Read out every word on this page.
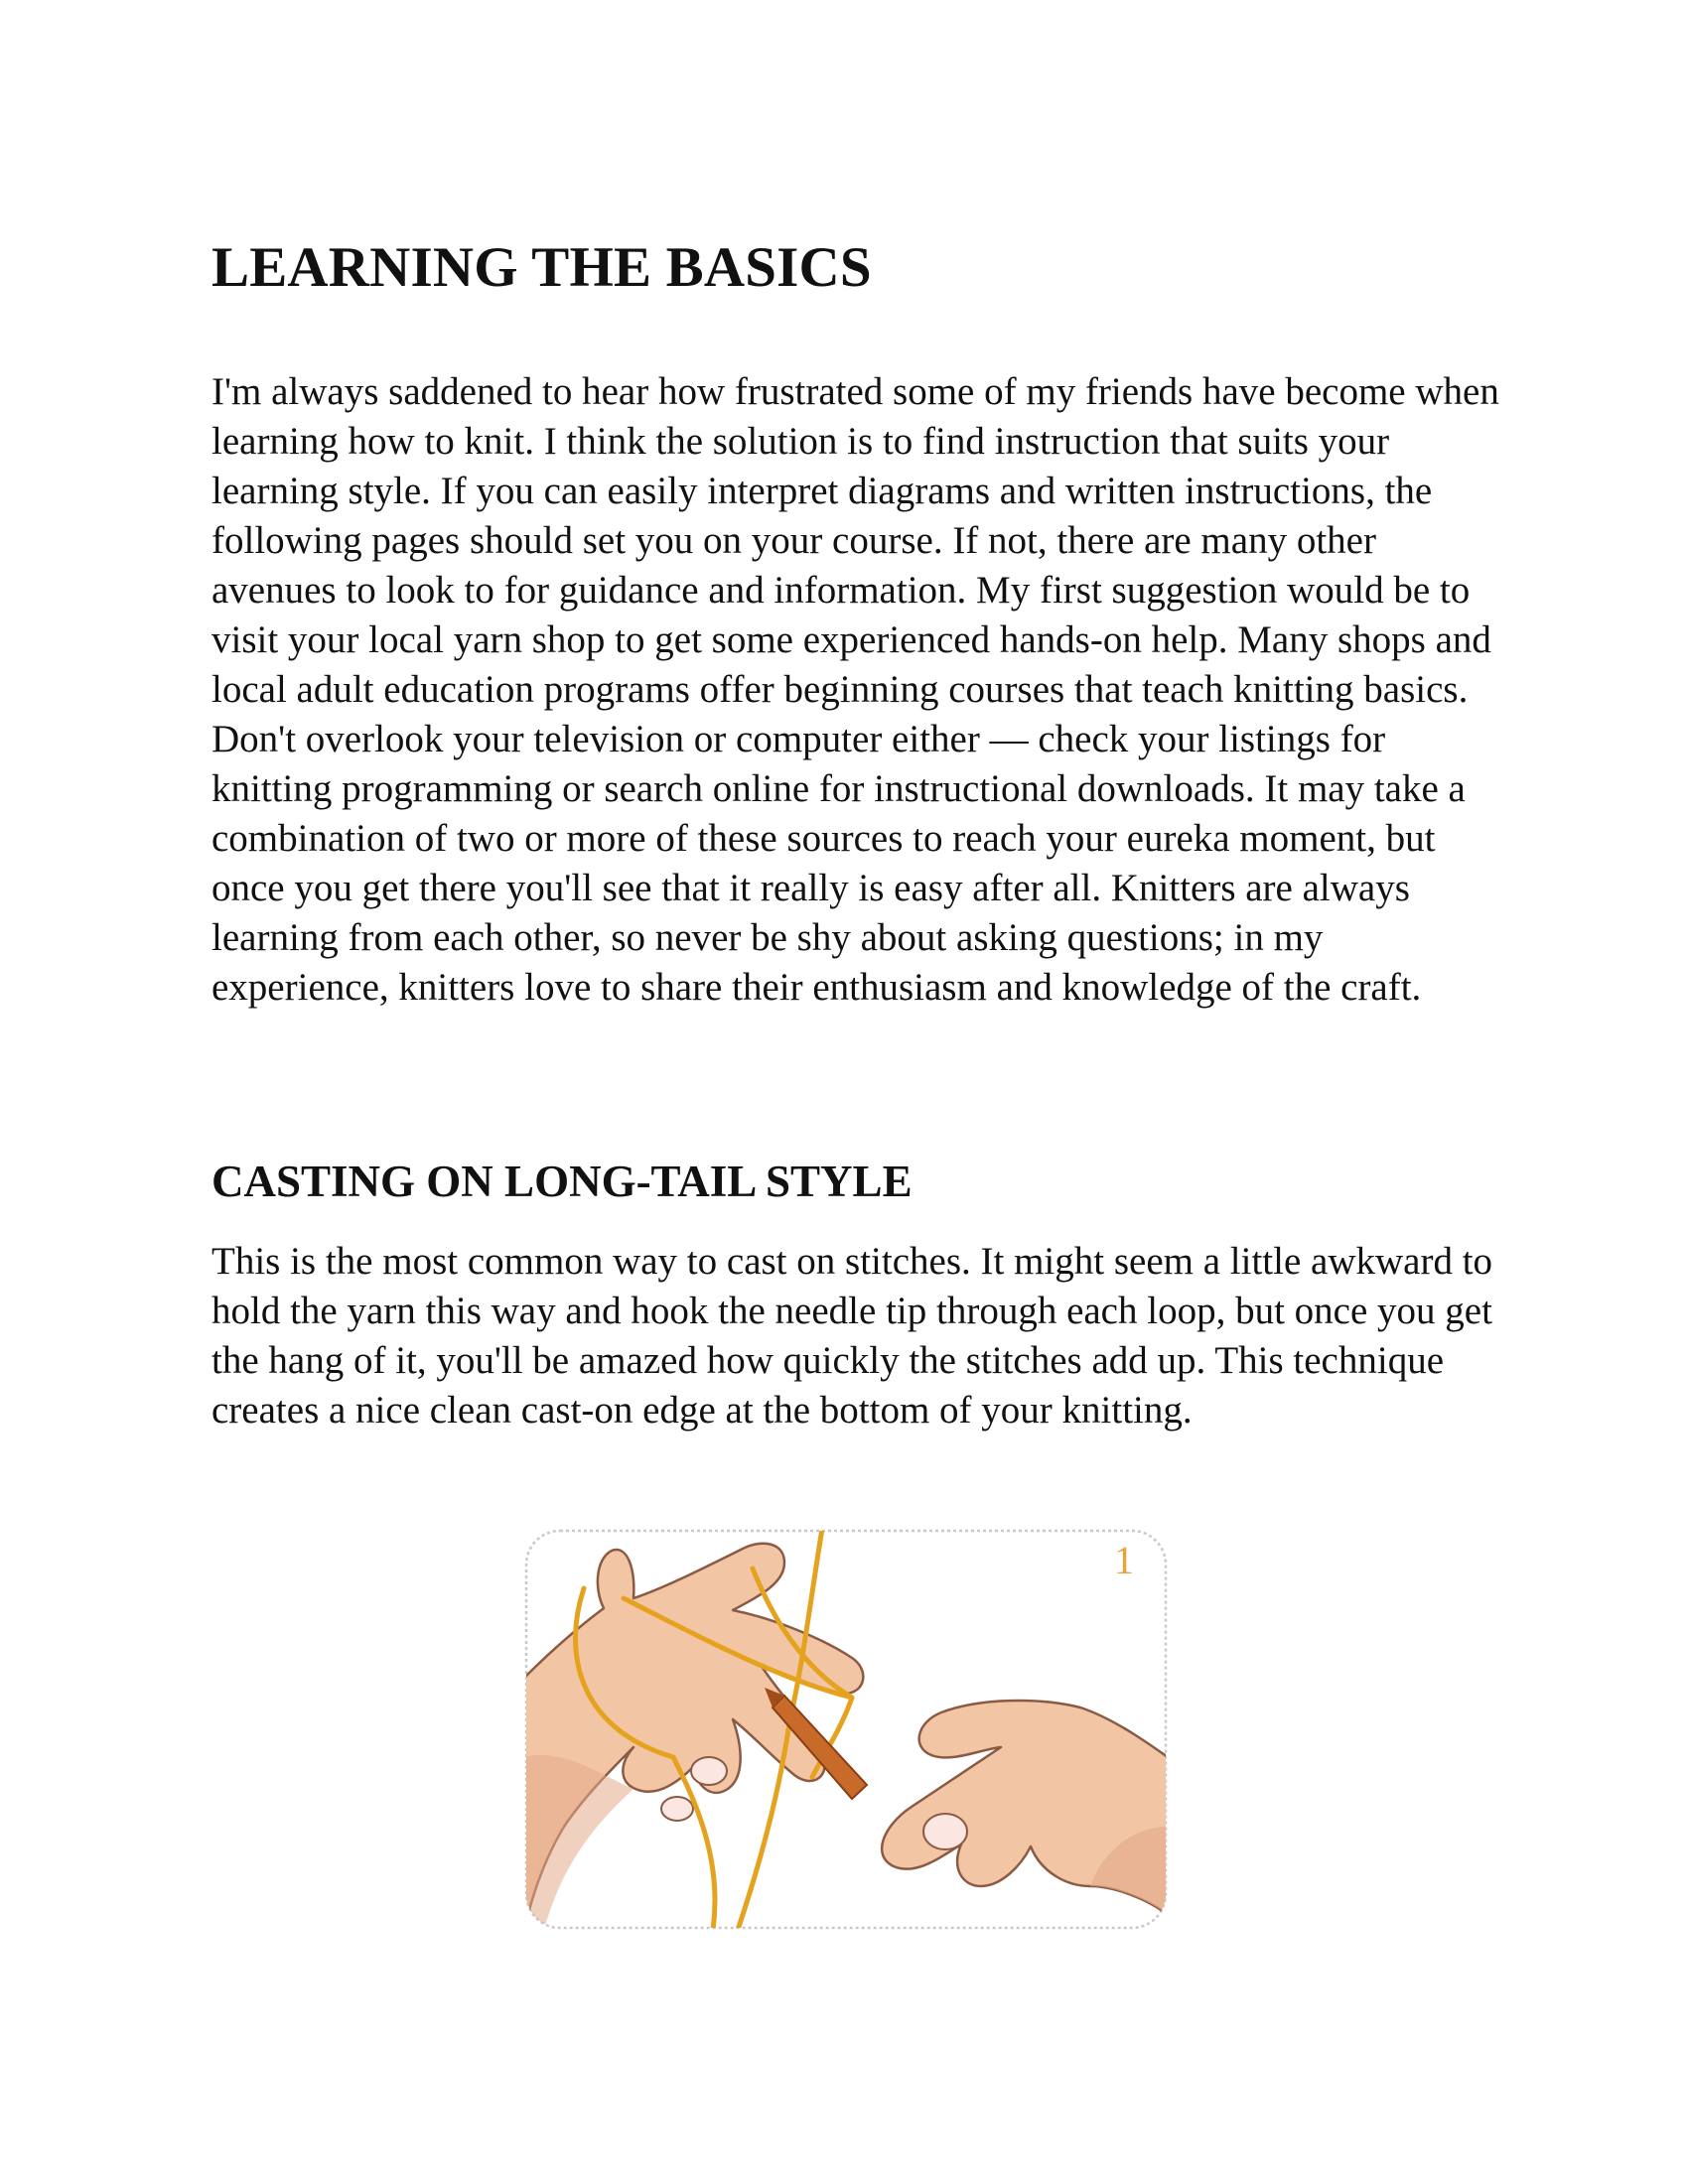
LEARNING THE BASICS

I'm always saddened to hear how frustrated some of my friends have become when learning how to knit. I think the solution is to find instruction that suits your learning style. If you can easily interpret diagrams and written instructions, the following pages should set you on your course. If not, there are many other avenues to look to for guidance and information. My first suggestion would be to visit your local yarn shop to get some experienced hands-on help. Many shops and local adult education programs offer beginning courses that teach knitting basics. Don't overlook your television or computer either — check your listings for knitting programming or search online for instructional downloads. It may take a combination of two or more of these sources to reach your eureka moment, but once you get there you'll see that it really is easy after all. Knitters are always learning from each other, so never be shy about asking questions; in my experience, knitters love to share their enthusiasm and knowledge of the craft.

CASTING ON LONG-TAIL STYLE

This is the most common way to cast on stitches. It might seem a little awkward to hold the yarn this way and hook the needle tip through each loop, but once you get the hang of it, you'll be amazed how quickly the stitches add up. This technique creates a nice clean cast-on edge at the bottom of your knitting.

1
